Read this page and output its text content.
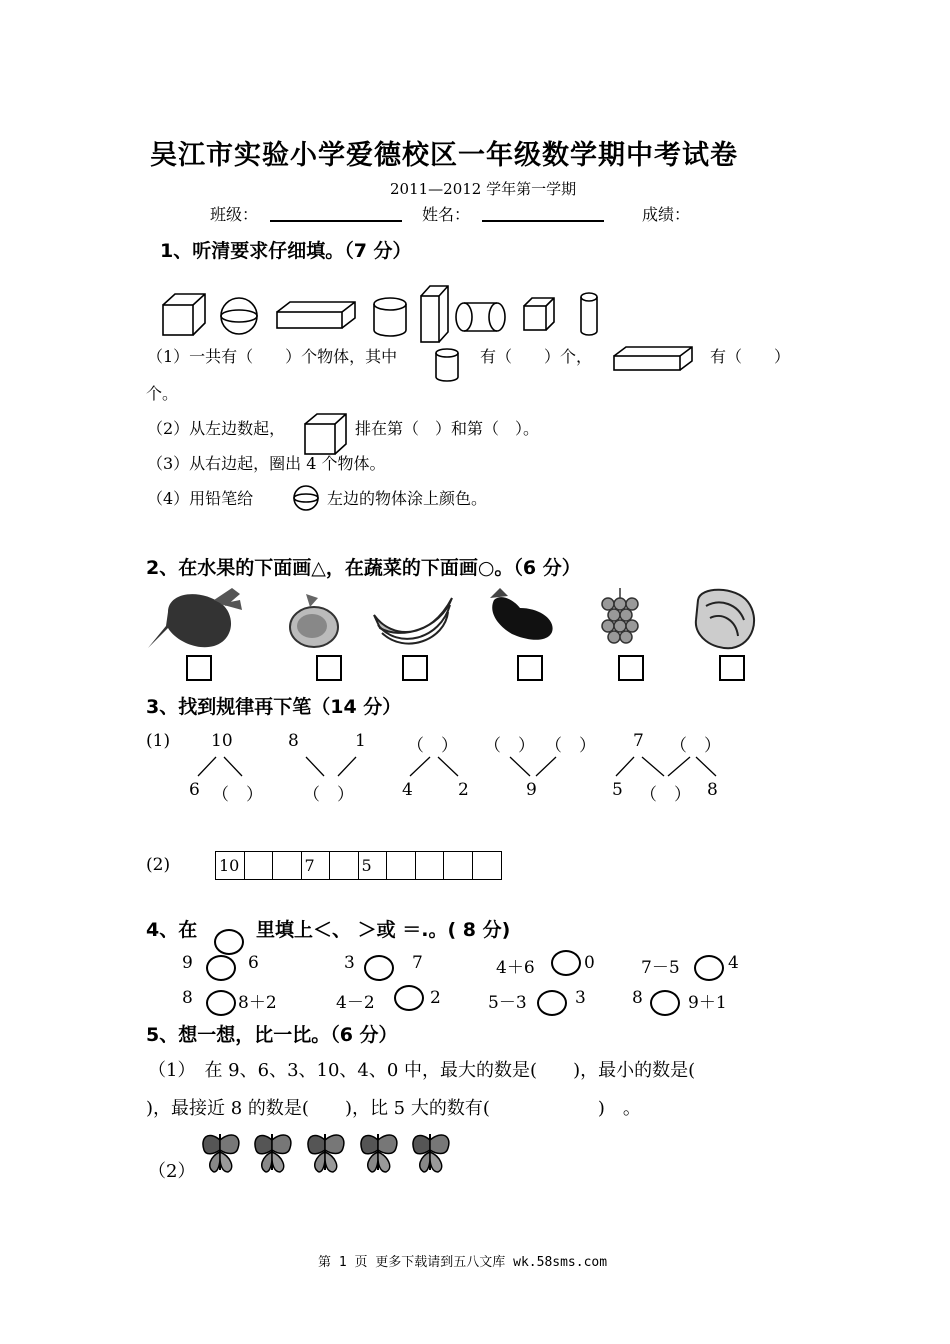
吴江市实验小学爱德校区一年级数学期中考试卷
2011—2012 学年第一学期
班级：	姓名：	成绩：
1、听清要求仔细填。（7 分）
（1）一共有（　　）个物体，其中	有（　　）个，	有（　　）
个。
（2）从左边数起，	排在第（　）和第（　）。
（3）从右边起，圈出 4 个物体。
（4）用铅笔给	左边的物体涂上颜色。
2、在水果的下面画△，在蔬菜的下面画○。（6 分）
3、找到规律再下笔（14 分）
(1) 10
6 （　）
8	1
（　）
（　）
4	2
（　） （　）
9
7 （　）
5 （　） 8
(2)	10	7	5
4、在	里填上＜、 ＞或 ＝.。( 8 分)
9	6	3	7	4＋6	0	7－5	4
8	8＋2	4－2	2	5－3	3	8	9＋1
5、想一想，比一比。（6 分）
（1）　在 9、6、3、10、4、0 中，最大的数是(　　)，最小的数是(
)，最接近 8 的数是(　　)，比 5 大的数有(　　　　　　)　。
（2）
第 1 页 更多下载请到五八文库 wk.58sms.com
